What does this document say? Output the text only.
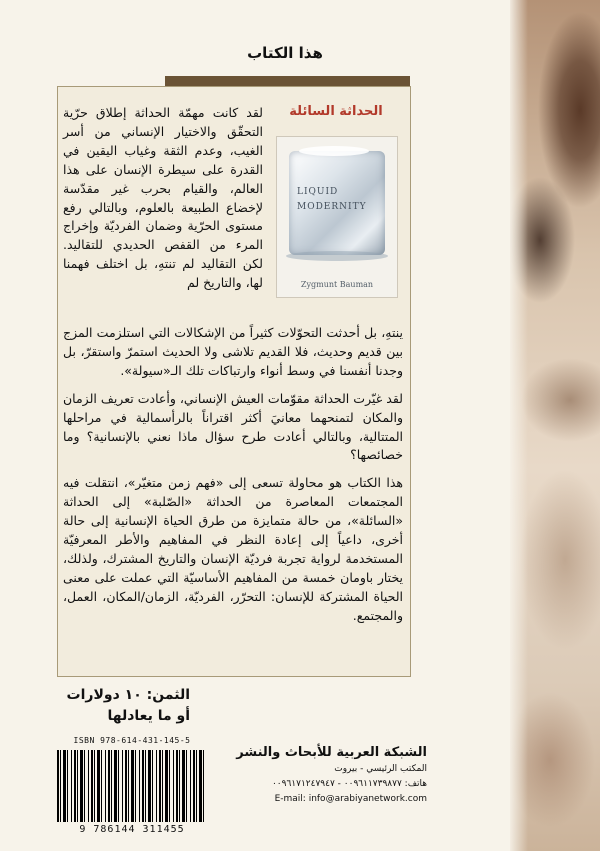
هذا الكتاب
الحداثة السائلة
LIQUID
MODERNITY
Zygmunt Bauman

لقد كانت مهمّة الحداثة إطلاق حرّية التحقّق والاختيار الإنساني من أسر الغيب، وعدم الثقة وغياب اليقين في القدرة على سيطرة الإنسان على هذا العالم، والقيام بحرب غير مقدّسة لإخضاع الطبيعة بالعلوم، وبالتالي رفع مستوى الحرّية وضمان الفرديّة وإخراج المرء من القفص الحديدي للتقاليد. لكن التقاليد لم تنتهِ، بل اختلف فهمنا لها، والتاريخ لم

ينتهِ، بل أحدثت التحوّلات كثيراً من الإشكالات التي استلزمت المزج بين قديم وحديث، فلا القديم تلاشى ولا الحديث استمرّ واستقرّ، بل وجدنا أنفسنا في وسط أنواء وارتباكات تلك الـ«سيولة».

لقد غيّرت الحداثة مقوّمات العيش الإنساني، وأعادت تعريف الزمان والمكان لتمنحهما معانيَ أكثر اقتراناً بالرأسمالية في مراحلها المتتالية، وبالتالي أعادت طرح سؤال ماذا نعني بالإنسانية؟ وما خصائصها؟

هذا الكتاب هو محاولة تسعى إلى «فهم زمن متغيّر»، انتقلت فيه المجتمعات المعاصرة من الحداثة «الصّلبة» إلى الحداثة «السائلة»، من حالة متمايزة من طرق الحياة الإنسانية إلى حالة أخرى، داعياً إلى إعادة النظر في المفاهيم والأطر المعرفيّة المستخدمة لرواية تجربة فرديّة الإنسان والتاريخ المشترك، ولذلك، يختار باومان خمسة من المفاهيم الأساسيّة التي عملت على معنى الحياة المشتركة للإنسان: التحرّر، الفرديّة، الزمان/المكان، العمل، والمجتمع.

الثمن: ١٠ دولارات
أو ما يعادلها
ISBN 978-614-431-145-5
9 786144 311455
الشبكة العربية للأبحاث والنشر
المكتب الرئيسي - بيروت
هاتف: ٠٠٩٦١١٧٣٩٨٧٧ - ٠٠٩٦١٧١٢٤٧٩٤٧
E-mail: info@arabiyanetwork.com
